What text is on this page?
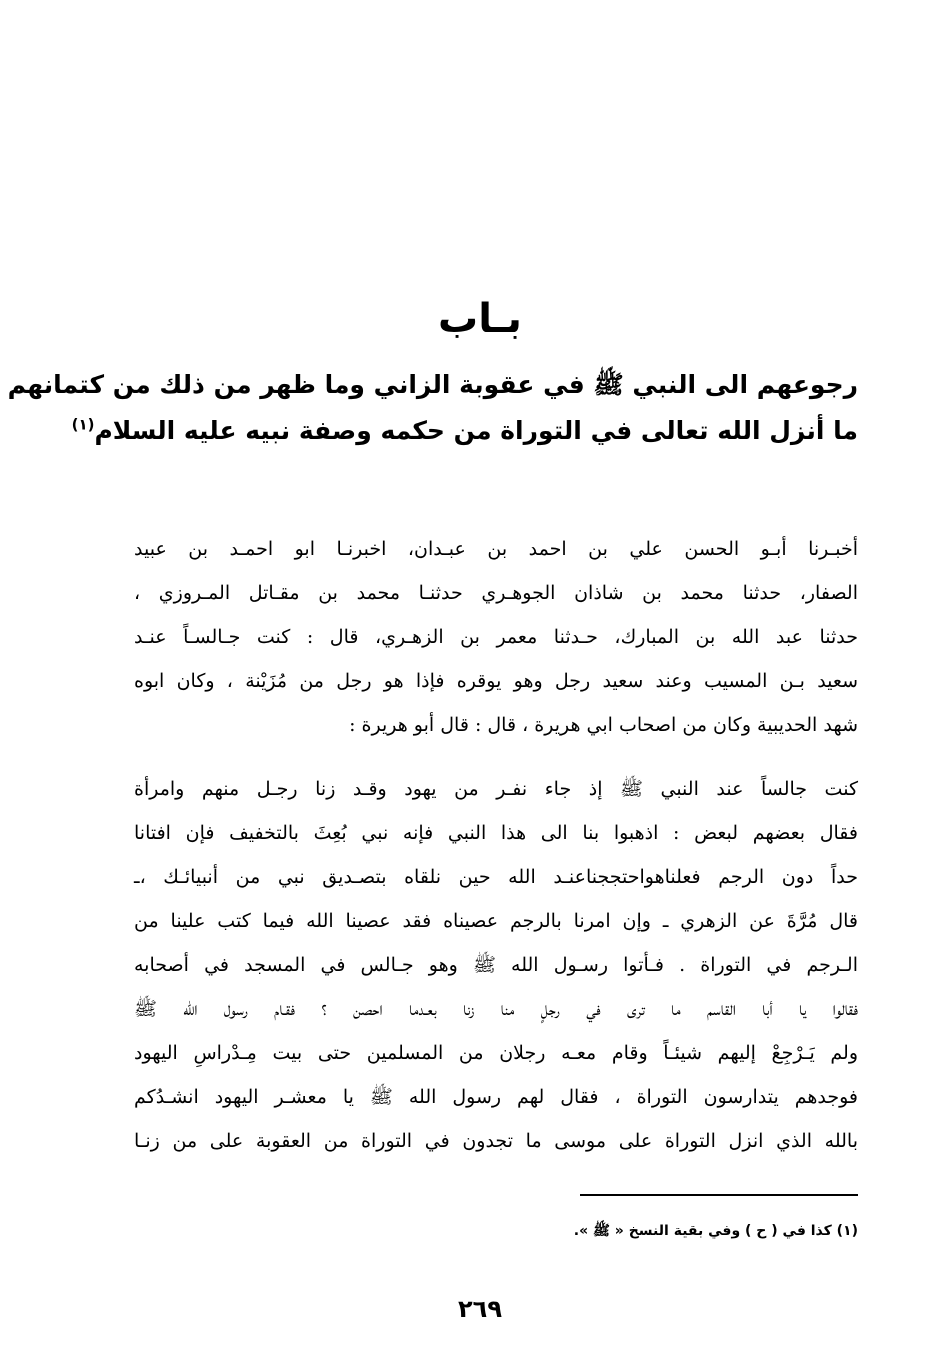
بـاب
رجوعهم الى النبي ﷺ في عقوبة الزاني وما ظهر من ذلك من كتمانهم
ما أنزل الله تعالى في التوراة من حكمه وصفة نبيه عليه السلام$^{(١)}$
أخبـرنا أبـو الحسن علي بن احمد بن عبـدان، اخبرنـا ابو احمـد بن عبيد
الصفار، حدثنا محمد بن شاذان الجوهـري حدثنـا محمد بن مقـاتل المـروزي ،
حدثنا عبد الله بن المبارك، حـدثنا معمر بن الزهـري، قال : كنت جـالسـاً عنـد
سعيد بـن المسيب وعند سعيد رجل وهو يوقره فإذا هو رجل من مُزَيْنة ، وكان ابوه
شهد الحديبية وكان من اصحاب ابي هريرة ، قال : قال أبو هريرة :
كنت جالساً عند النبي ﷺ إذ جاء نفـر من يهود وقـد زنا رجـل منهم وامرأة
فقال بعضهم لبعض : اذهبوا بنا الى هذا النبي فإنه نبي بُعِثَ بالتخفيف فإن افتانا
حداً دون الرجم فعلناهواحتججناعنـد الله حين نلقاه بتصـديق نبي من أنبيائـك ،ـ
قال مُرَّةَ عن الزهري ـ وإن امرنا بالرجم عصيناه فقد عصينا الله فيما كتب علينا من
الـرجم في التوراة . فـأتوا رسـول الله ﷺ وهو جـالس في المسجد في أصحابه
فقالوا يا أبا القاسم ما ترى في رجلٍ منا زنا بعـدما احصن ؟ فقـام رسول الله ﷺ
ولم يَـرْجِعْ إليهم شيئـاً وقام معـه رجلان من المسلمين حتى بيت مِـدْراسِ اليهود
فوجدهم يتدارسون التوراة ، فقال لهم رسول الله ﷺ يا معشـر اليهود انشـدُكم
بالله الذي انزل التوراة على موسى ما تجدون في التوراة من العقوبة على من زنـا
(١) كذا في ( ح ) وفي بقية النسخ « ﷺ ».
٢٦٩
